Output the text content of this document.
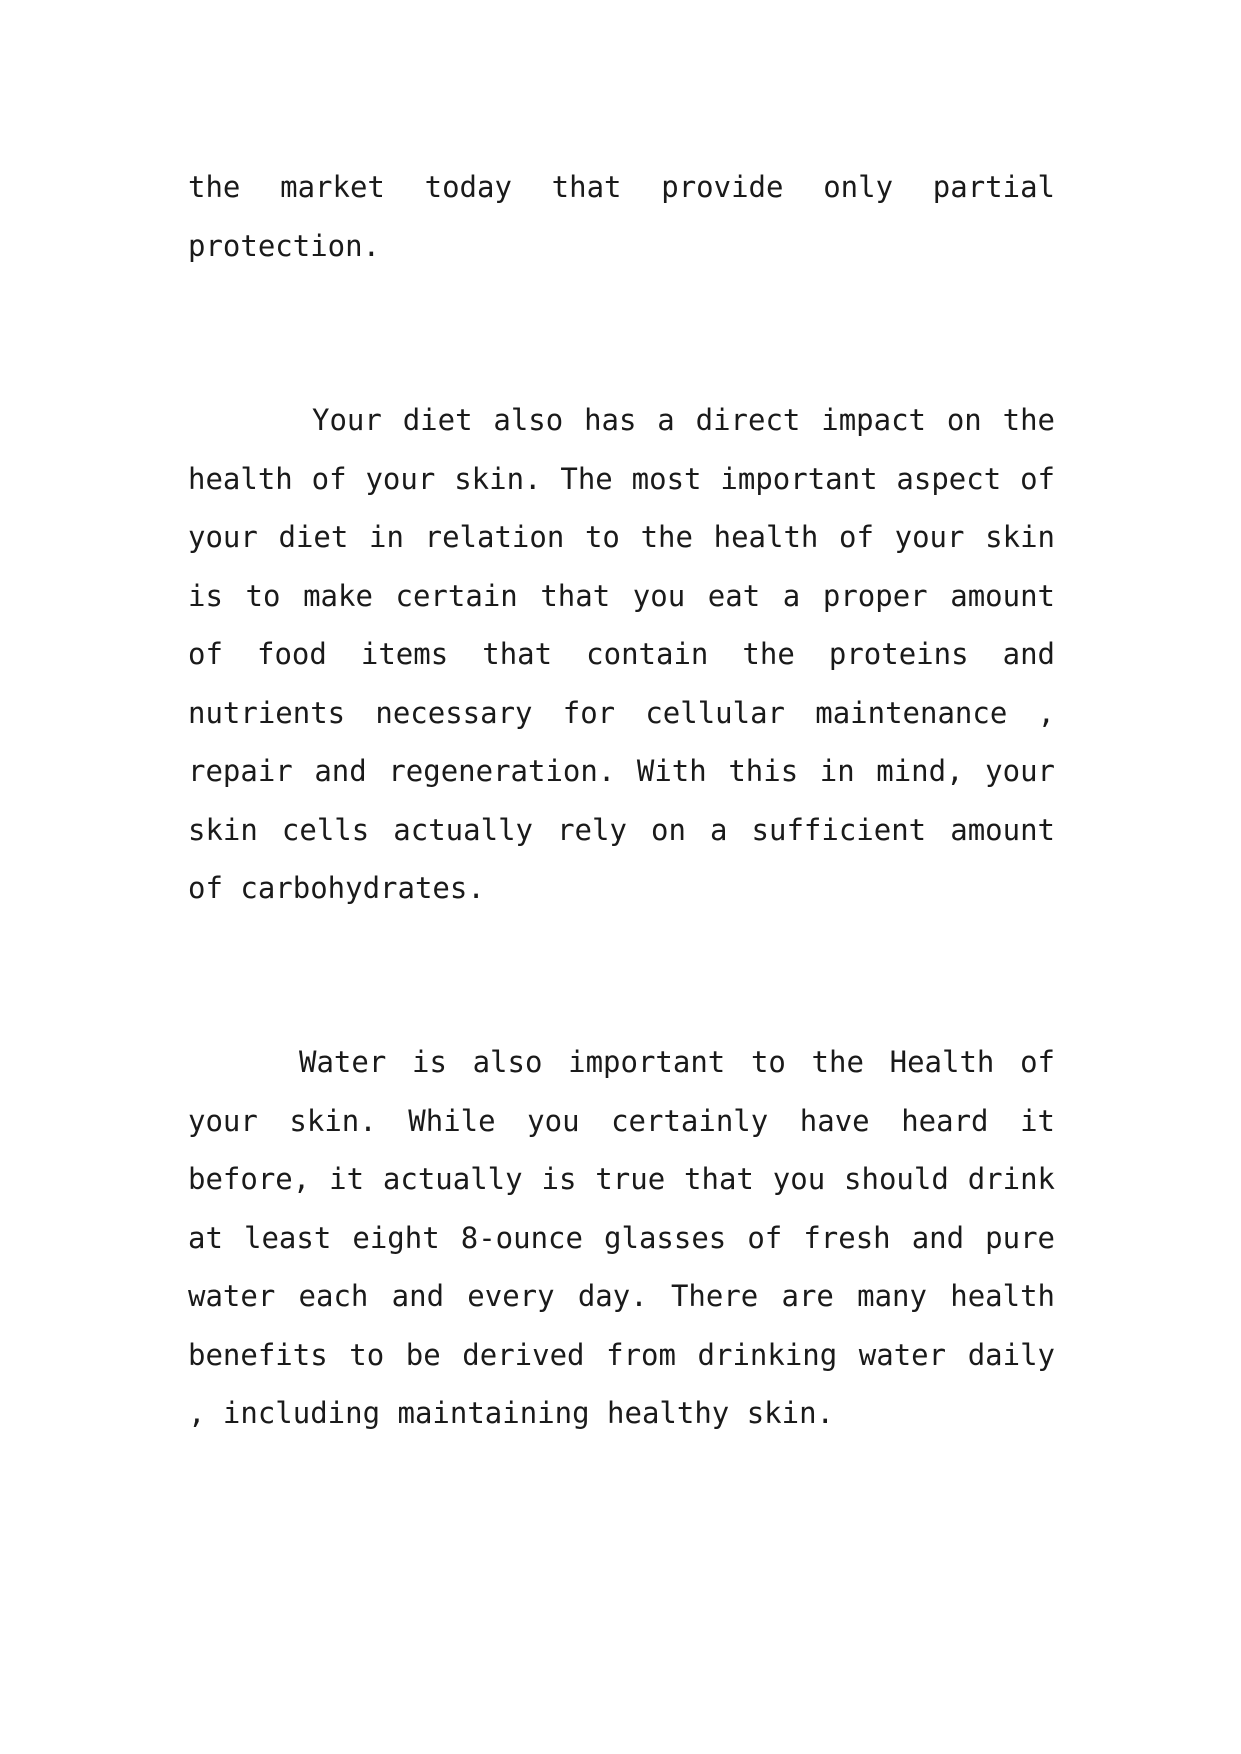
the market today that provide only partial protection.

Your diet also has a direct impact on the health of your skin. The most important aspect of your diet in relation to the health of your skin is to make certain that you eat a proper amount of food items that contain the proteins and nutrients necessary for cellular maintenance , repair and regeneration. With this in mind, your skin cells actually rely on a sufficient amount of carbohydrates.

Water is also important to the Health of your skin. While you certainly have heard it before, it actually is true that you should drink at least eight 8-ounce glasses of fresh and pure water each and every day. There are many health benefits to be derived from drinking water daily , including maintaining healthy skin.
